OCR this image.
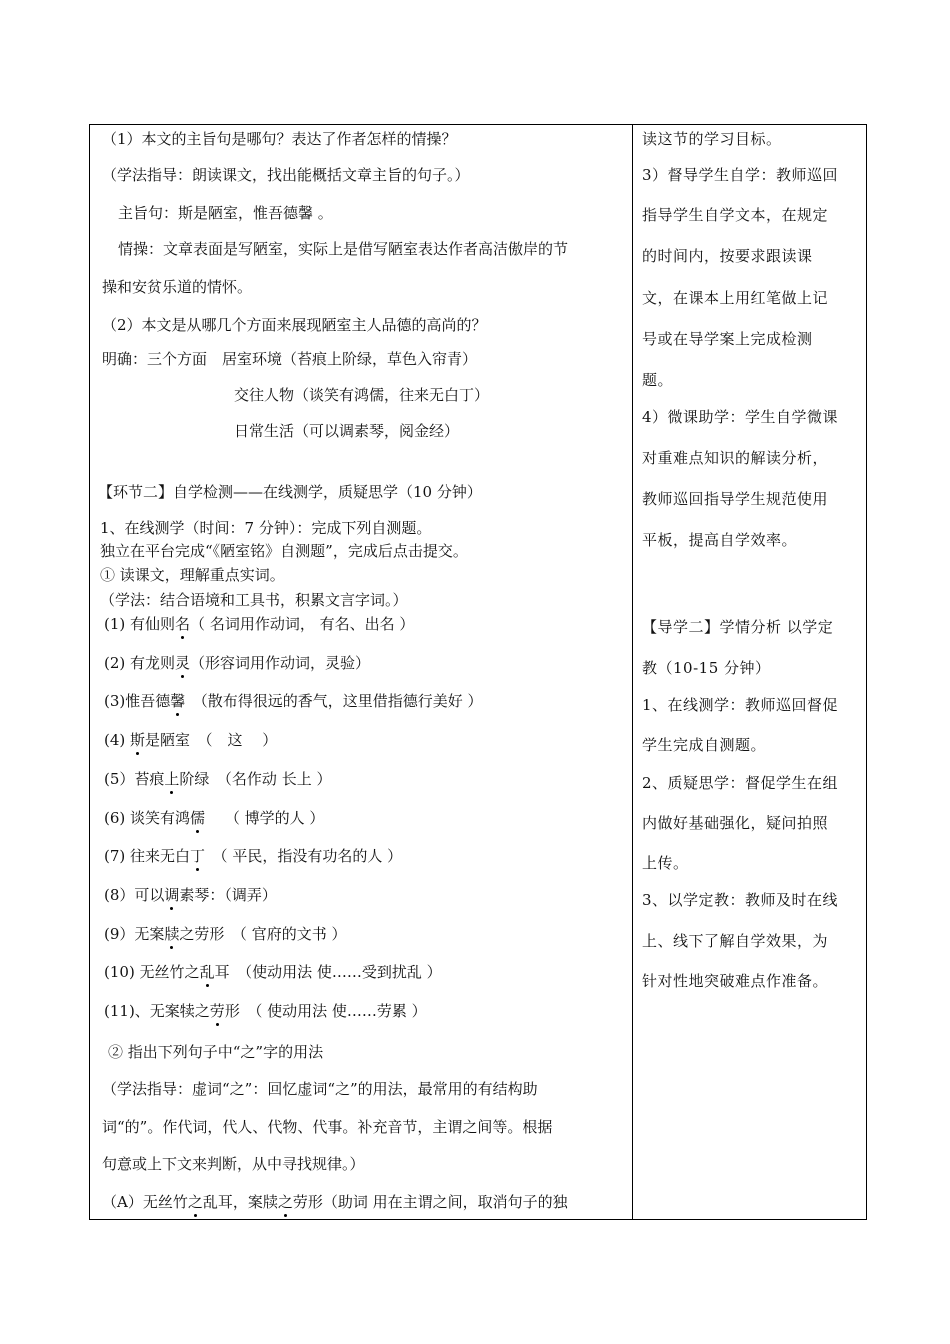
（1）本文的主旨句是哪句？表达了作者怎样的情操？
（学法指导：朗读课文，找出能概括文章主旨的句子。）
主旨句：斯是陋室，惟吾德馨 。
情操：文章表面是写陋室，实际上是借写陋室表达作者高洁傲岸的节
操和安贫乐道的情怀。
（2）本文是从哪几个方面来展现陋室主人品德的高尚的？
明确：三个方面　居室环境（苔痕上阶绿，草色入帘青）
交往人物（谈笑有鸿儒，往来无白丁）
日常生活（可以调素琴，阅金经）
【环节二】自学检测——在线测学，质疑思学（10 分钟）
1、在线测学（时间：7 分钟）：完成下列自测题。
独立在平台完成“《陋室铭》自测题”，完成后点击提交。
① 读课文，理解重点实词。
（学法：结合语境和工具书，积累文言字词。）
(1) 有仙则名（ 名词用作动词， 有名、出名 ）
(2) 有龙则灵（形容词用作动词，灵验）
(3)惟吾德馨　（散布得很远的香气，这里借指德行美好 ）
(4) 斯是陋室　（　这　 ）
(5）苔痕上阶绿　（名作动 长上 ）
(6) 谈笑有鸿儒　 （ 博学的人 ）
(7) 往来无白丁　（ 平民，指没有功名的人 ）
(8）可以调素琴：（调弄）
(9）无案牍之劳形　（ 官府的文书 ）
(10) 无丝竹之乱耳　（使动用法 使……受到扰乱 ）
(11)、无案犊之劳形　（ 使动用法 使……劳累 ）
② 指出下列句子中“之”字的用法
（学法指导：虚词“之”：回忆虚词“之”的用法，最常用的有结构助
词“的”。作代词，代人、代物、代事。补充音节，主谓之间等。根据
句意或上下文来判断，从中寻找规律。）
（A）无丝竹之乱耳，案牍之劳形（助词 用在主谓之间，取消句子的独
读这节的学习目标。
3）督导学生自学：教师巡回
指导学生自学文本，在规定
的时间内，按要求跟读课
文，在课本上用红笔做上记
号或在导学案上完成检测
题。
4）微课助学：学生自学微课
对重难点知识的解读分析，
教师巡回指导学生规范使用
平板，提高自学效率。
【导学二】学情分析 以学定
教（10-15 分钟）
1、在线测学：教师巡回督促
学生完成自测题。
2、质疑思学：督促学生在组
内做好基础强化，疑问拍照
上传。
3、以学定教：教师及时在线
上、线下了解自学效果，为
针对性地突破难点作准备。
